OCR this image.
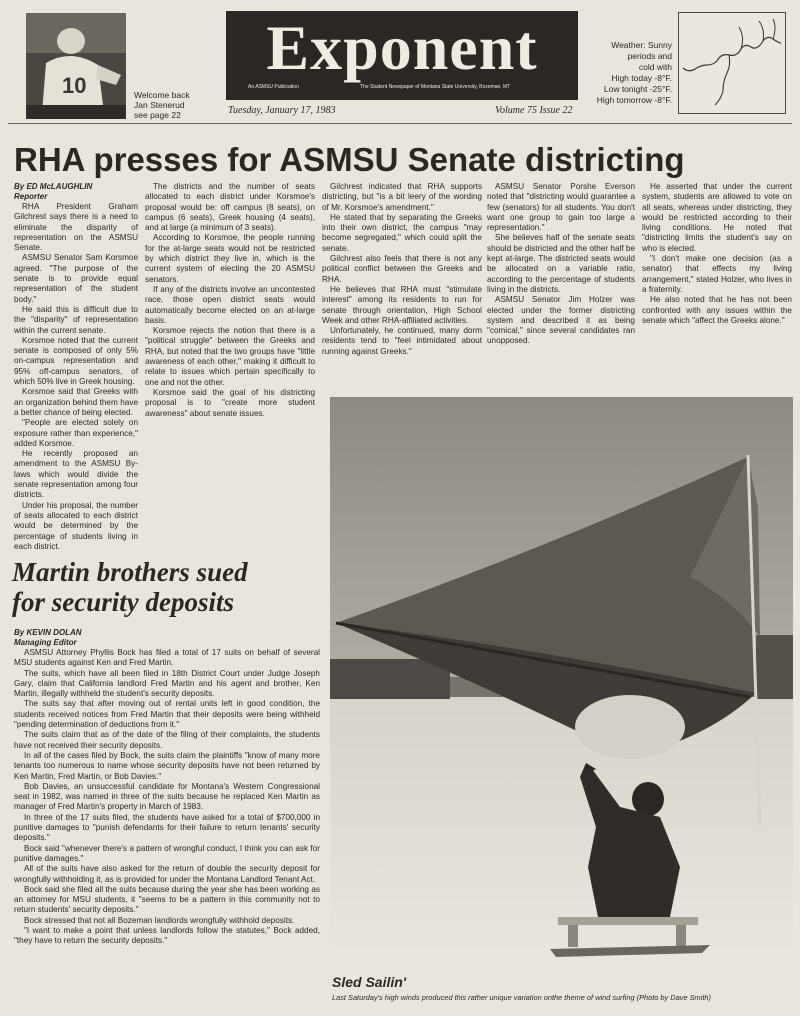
10	Welcome back
Jan Stenerud
see page 22
Exponent
An ASMSU Publication	The Student Newspaper of Montana State University, Bozeman, MT
Tuesday, January 17, 1983	Volume 75 Issue 22
Weather: Sunny
periods and
cold with
High today -8°F.
Low tonight -25°F.
High tomorrow -8°F.
RHA presses for ASMSU Senate districting
By ED McLAUGHLIN
Reporter

RHA President Graham Gilchrest says there is a need to eliminate the disparity of representation on the ASMSU Senate.

ASMSU Senator Sam Korsmoe agreed. "The purpose of the senate is to provide equal representation of the student body."

He said this is difficult due to the "disparity" of representation within the current senate.

Korsmoe noted that the current senate is composed of only 5% on-campus representation and 95% off-campus senators, of which 50% live in Greek housing.

Korsmoe said that Greeks with an organization behind them have a better chance of being elected.

"People are elected solely on exposure rather than experience," added Korsmoe.

He recently proposed an amendment to the ASMSU By-laws which would divide the senate representation among four districts.

Under his proposal, the number of seats allocated to each district would be determined by the percentage of students living in each district.

The districts and the number of seats allocated to each district under Korsmoe's proposal would be: off campus (8 seats), on campus (6 seats), Greek housing (4 seats), and at large (a minimum of 3 seats).

According to Korsmoe, the people running for the at-large seats would not be restricted by which district they live in, which is the current system of electing the 20 ASMSU senators.

If any of the districts involve an uncontested race, those open district seats would automatically become elected on an at-large basis.

Korsmoe rejects the notion that there is a "political struggle" between the Greeks and RHA, but noted that the two groups have "little awareness of each other," making it difficult to relate to issues which pertain specifically to one and not the other.

Korsmoe said the goal of his districting proposal is to "create more student awareness" about senate issues.

Gilchrest indicated that RHA supports districting, but "is a bit leery of the wording of Mr. Korsmoe's amendment."

He stated that by separating the Greeks into their own district, the campus "may become segregated," which could split the senate.

Gilchrest also feels that there is not any political conflict between the Greeks and RHA.

He believes that RHA must "stimulate interest" among its residents to run for senate through orientation, High School Week and other RHA-affiliated activities.

Unfortunately, he continued, many dorm residents tend to "feel intimidated about running against Greeks."

ASMSU Senator Porshe Everson noted that "districting would guarantee a few (senators) for all students. You don't want one group to gain too large a representation."

She believes half of the senate seats should be districted and the other half be kept at-large. The districted seats would be allocated on a variable ratio, according to the percentage of students living in the districts.

ASMSU Senator Jim Holzer was elected under the former districting system and described it as being "comical," since several candidates ran unopposed.

He asserted that under the current system, students are allowed to vote on all seats, whereas under districting, they would be restricted according to their living conditions. He noted that "districting limits the student's say on who is elected.

"I don't make one decision (as a senator) that effects my living arrangement," stated Holzer, who lives in a fraternity.

He also noted that he has not been confronted with any issues within the senate which "affect the Greeks alone."

Martin brothers sued
for security deposits
By KEVIN DOLAN
Managing Editor

ASMSU Attorney Phyllis Bock has filed a total of 17 suits on behalf of several MSU students against Ken and Fred Martin.

The suits, which have all been filed in 18th District Court under Judge Joseph Gary, claim that California landlord Fred Martin and his agent and brother, Ken Martin, illegally withheld the student's security deposits.

The suits say that after moving out of rental units left in good condition, the students received notices from Fred Martin that their deposits were being withheld "pending determination of deductions from it."

The suits claim that as of the date of the filing of their complaints, the students have not received their security deposits.

In all of the cases filed by Bock, the suits claim the plaintiffs "know of many more tenants too numerous to name whose security deposits have not been returned by Ken Martin, Fred Martin, or Bob Davies."

Bob Davies, an unsuccessful candidate for Montana's Western Congressional seat in 1982, was named in three of the suits because he replaced Ken Martin as manager of Fred Martin's property in March of 1983.

In three of the 17 suits filed, the students have asked for a total of $700,000 in punitive damages to "punish defendants for their failure to return tenants' security deposits."

Bock said "whenever there's a pattern of wrongful conduct, I think you can ask for punitive damages."

All of the suits have also asked for the return of double the security deposit for wrongfully withholding it, as is provided for under the Montana Landlord Tenant Act.

Bock said she filed all the suits because during the year she has been working as an attorney for MSU students, it "seems to be a pattern in this community not to return students' security deposits."

Bock stressed that not all Bozeman landlords wrongfully withhold deposits.

"I want to make a point that unless landlords follow the statutes," Bock added, "they have to return the security deposits."

Sled Sailin'
Last Saturday's high winds produced this rather unique variation onthe theme of wind surfing (Photo by Dave Smith)
